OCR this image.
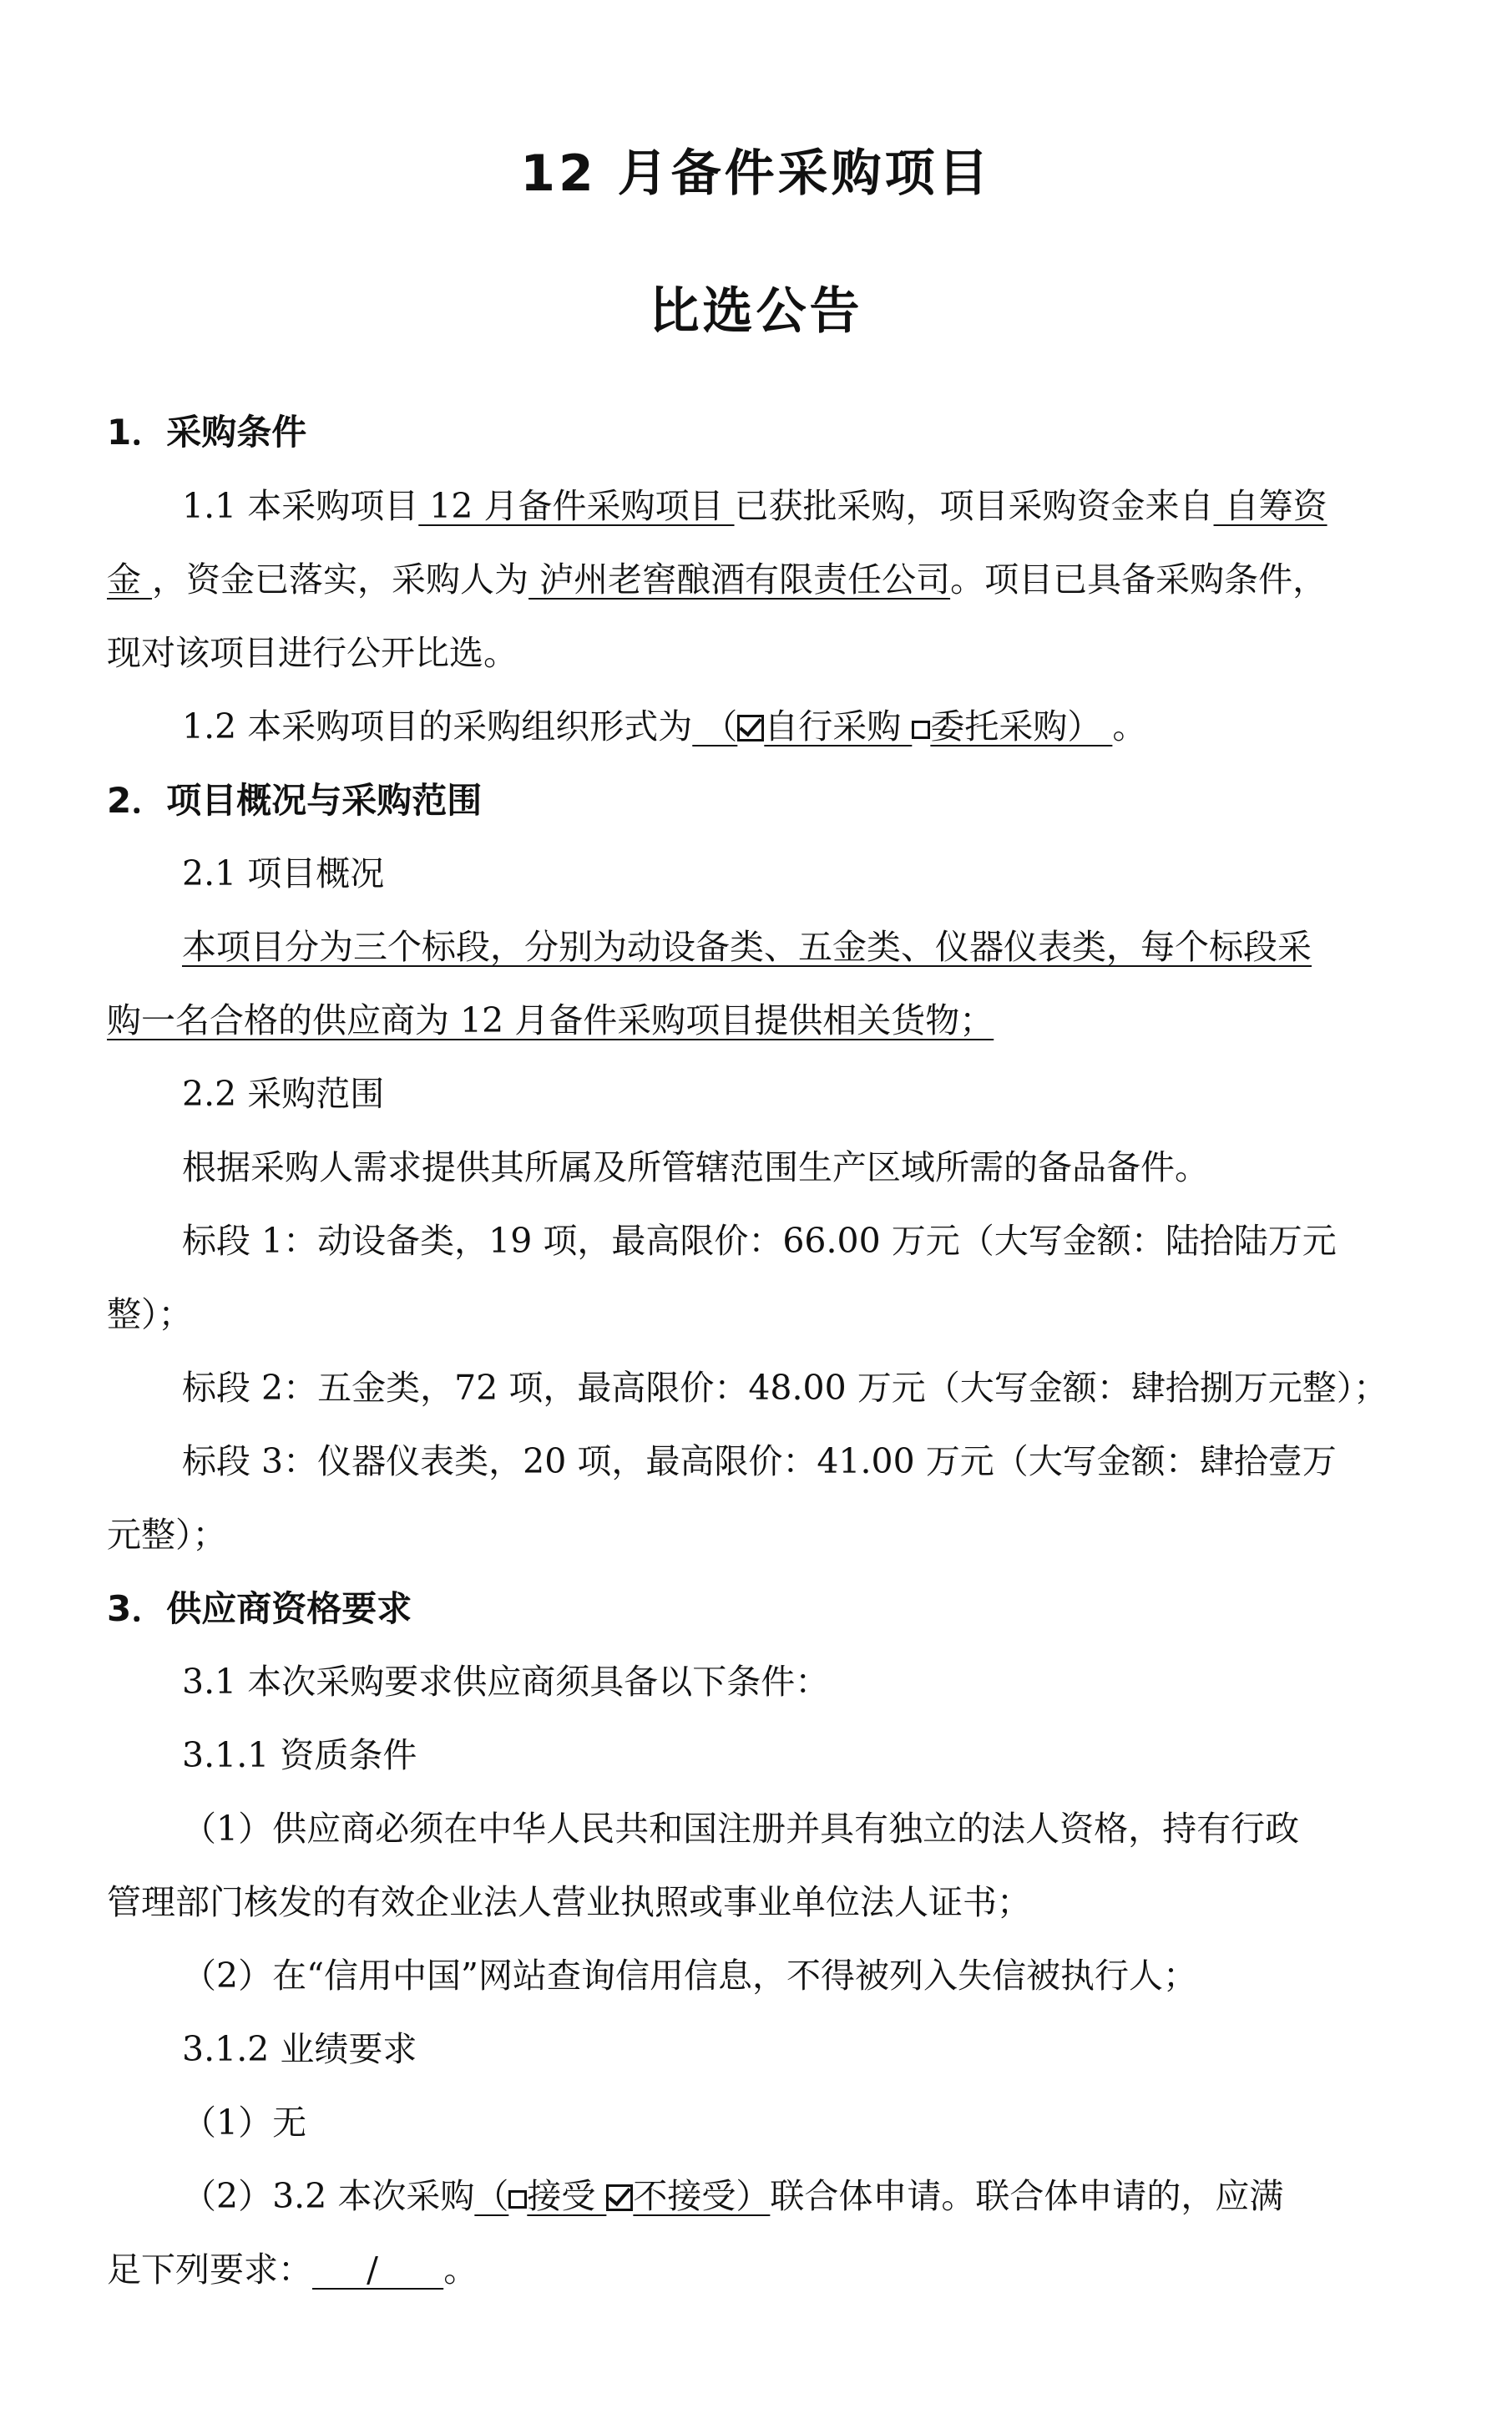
12 月备件采购项目
比选公告
1．采购条件
1.1 本采购项目 12 月备件采购项目 已获批采购，项目采购资金来自 自筹资
金 ，资金已落实，采购人为 泸州老窖酿酒有限责任公司。项目已具备采购条件，
现对该项目进行公开比选。
1.2 本采购项目的采购组织形式为 （ 自行采购 委托采购） 。
2．项目概况与采购范围
2.1 项目概况
本项目分为三个标段，分别为动设备类、五金类、仪器仪表类，每个标段采
购一名合格的供应商为 12 月备件采购项目提供相关货物；
2.2 采购范围
根据采购人需求提供其所属及所管辖范围生产区域所需的备品备件。
标段 1：动设备类，19 项，最高限价：66.00 万元（大写金额：陆拾陆万元
整）；
标段 2：五金类，72 项，最高限价：48.00 万元（大写金额：肆拾捌万元整）；
标段 3：仪器仪表类，20 项，最高限价：41.00 万元（大写金额：肆拾壹万
元整）；
3．供应商资格要求
3.1 本次采购要求供应商须具备以下条件：
3.1.1 资质条件
（1）供应商必须在中华人民共和国注册并具有独立的法人资格，持有行政
管理部门核发的有效企业法人营业执照或事业单位法人证书；
（2）在“信用中国”网站查询信用信息，不得被列入失信被执行人；
3.1.2 业绩要求
（1）无
（2）3.2 本次采购（ 接受 不接受）联合体申请。联合体申请的，应满
足下列要求：     /      。
